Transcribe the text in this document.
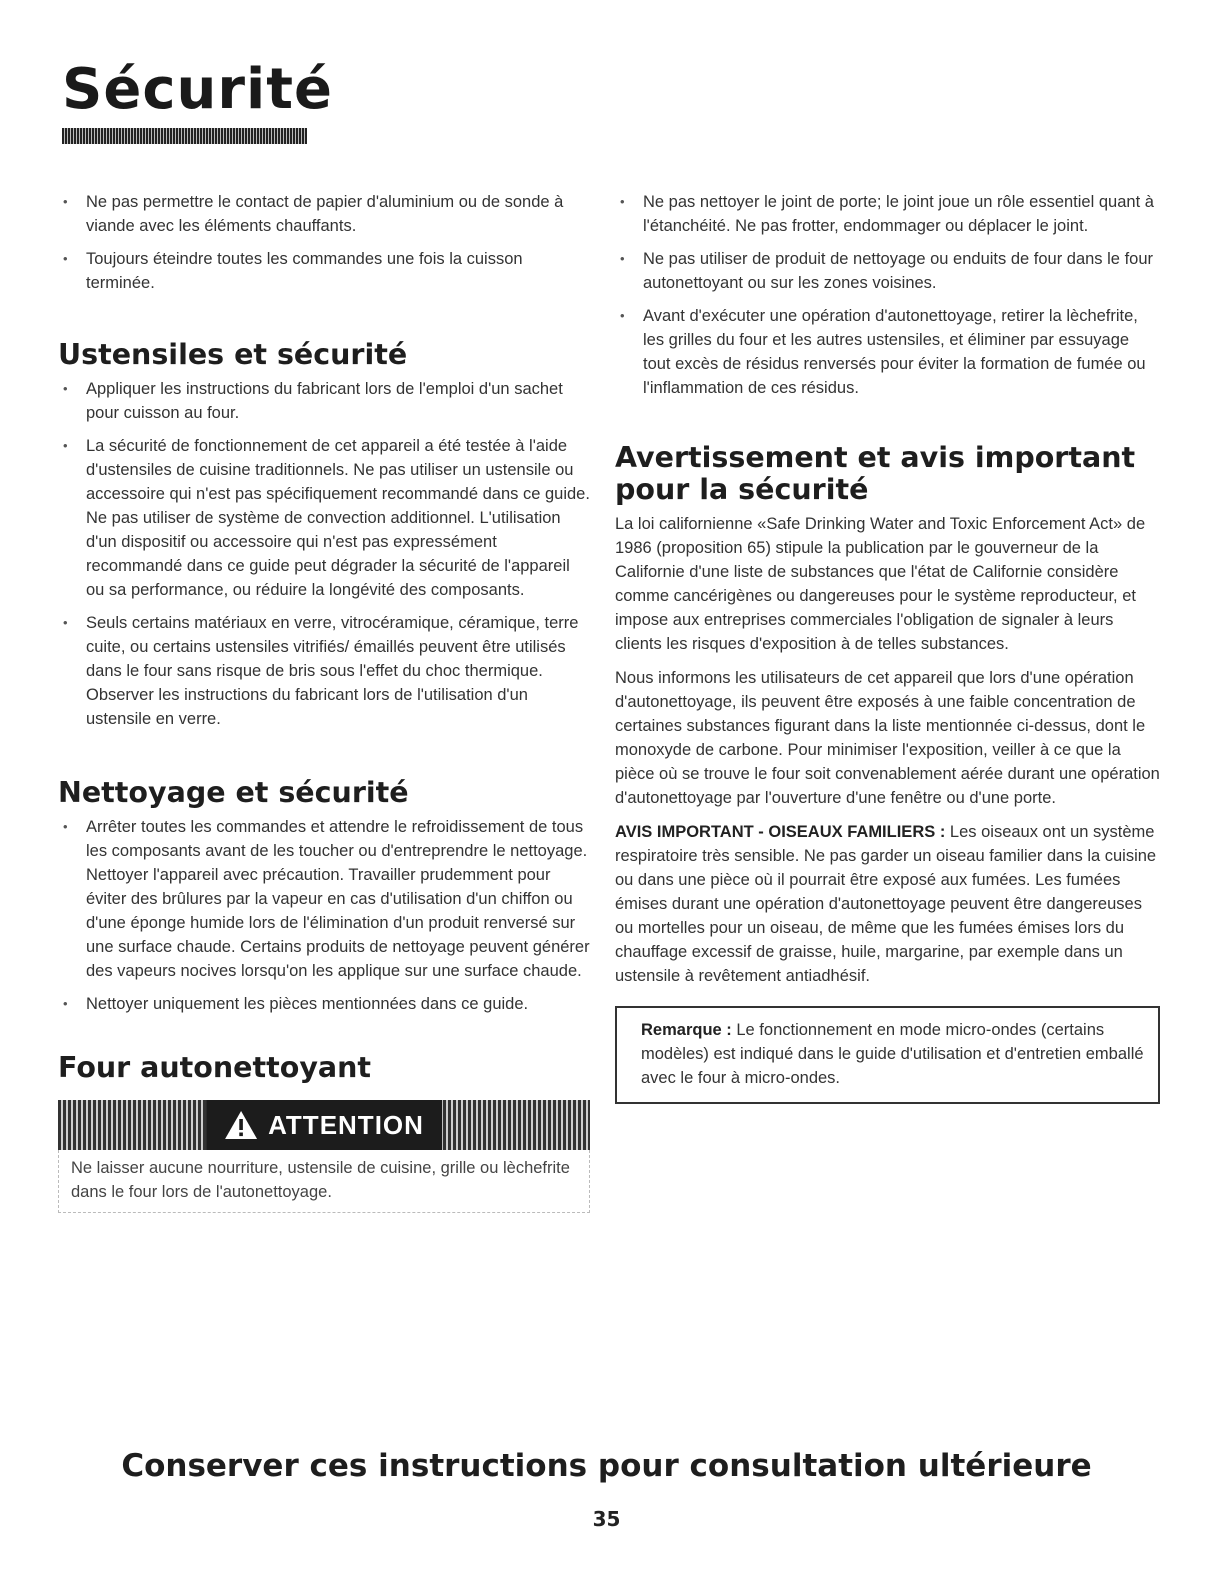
Sécurité
• Ne pas permettre le contact de papier d'aluminium ou de sonde à viande avec les éléments chauffants.
• Toujours éteindre toutes les commandes une fois la cuisson terminée.
Ustensiles et sécurité
• Appliquer les instructions du fabricant lors de l'emploi d'un sachet pour cuisson au four.
• La sécurité de fonctionnement de cet appareil a été testée à l'aide d'ustensiles de cuisine traditionnels. Ne pas utiliser un ustensile ou accessoire qui n'est pas spécifiquement recommandé dans ce guide. Ne pas utiliser de système de convection additionnel. L'utilisation d'un dispositif ou accessoire qui n'est pas expressément recommandé dans ce guide peut dégrader la sécurité de l'appareil ou sa performance, ou réduire la longévité des composants.
• Seuls certains matériaux en verre, vitrocéramique, céramique, terre cuite, ou certains ustensiles vitrifiés/ émaillés peuvent être utilisés dans le four sans risque de bris sous l'effet du choc thermique. Observer les instructions du fabricant lors de l'utilisation d'un ustensile en verre.
Nettoyage et sécurité
• Arrêter toutes les commandes et attendre le refroidissement de tous les composants avant de les toucher ou d'entreprendre le nettoyage. Nettoyer l'appareil avec précaution. Travailler prudemment pour éviter des brûlures par la vapeur en cas d'utilisation d'un chiffon ou d'une éponge humide lors de l'élimination d'un produit renversé sur une surface chaude. Certains produits de nettoyage peuvent générer des vapeurs nocives lorsqu'on les applique sur une surface chaude.
• Nettoyer uniquement les pièces mentionnées dans ce guide.
Four autonettoyant
ATTENTION
Ne laisser aucune nourriture, ustensile de cuisine, grille ou lèchefrite dans le four lors de l'autonettoyage.
• Ne pas nettoyer le joint de porte; le joint joue un rôle essentiel quant à l'étanchéité. Ne pas frotter, endommager ou déplacer le joint.
• Ne pas utiliser de produit de nettoyage ou enduits de four dans le four autonettoyant ou sur les zones voisines.
• Avant d'exécuter une opération d'autonettoyage, retirer la lèchefrite, les grilles du four et les autres ustensiles, et éliminer par essuyage tout excès de résidus renversés pour éviter la formation de fumée ou l'inflammation de ces résidus.
Avertissement et avis important pour la sécurité

La loi californienne «Safe Drinking Water and Toxic Enforcement Act» de 1986 (proposition 65) stipule la publication par le gouverneur de la Californie d'une liste de substances que l'état de Californie considère comme cancérigènes ou dangereuses pour le système reproducteur, et impose aux entreprises commerciales l'obligation de signaler à leurs clients les risques d'exposition à de telles substances.

Nous informons les utilisateurs de cet appareil que lors d'une opération d'autonettoyage, ils peuvent être exposés à une faible concentration de certaines substances figurant dans la liste mentionnée ci-dessus, dont le monoxyde de carbone. Pour minimiser l'exposition, veiller à ce que la pièce où se trouve le four soit convenablement aérée durant une opération d'autonettoyage par l'ouverture d'une fenêtre ou d'une porte.

AVIS IMPORTANT - OISEAUX FAMILIERS : Les oiseaux ont un système respiratoire très sensible. Ne pas garder un oiseau familier dans la cuisine ou dans une pièce où il pourrait être exposé aux fumées. Les fumées émises durant une opération d'autonettoyage peuvent être dangereuses ou mortelles pour un oiseau, de même que les fumées émises lors du chauffage excessif de graisse, huile, margarine, par exemple dans un ustensile à revêtement antiadhésif.

Remarque : Le fonctionnement en mode micro-ondes (certains modèles) est indiqué dans le guide d'utilisation et d'entretien emballé avec le four à micro-ondes.
Conserver ces instructions pour consultation ultérieure
35
